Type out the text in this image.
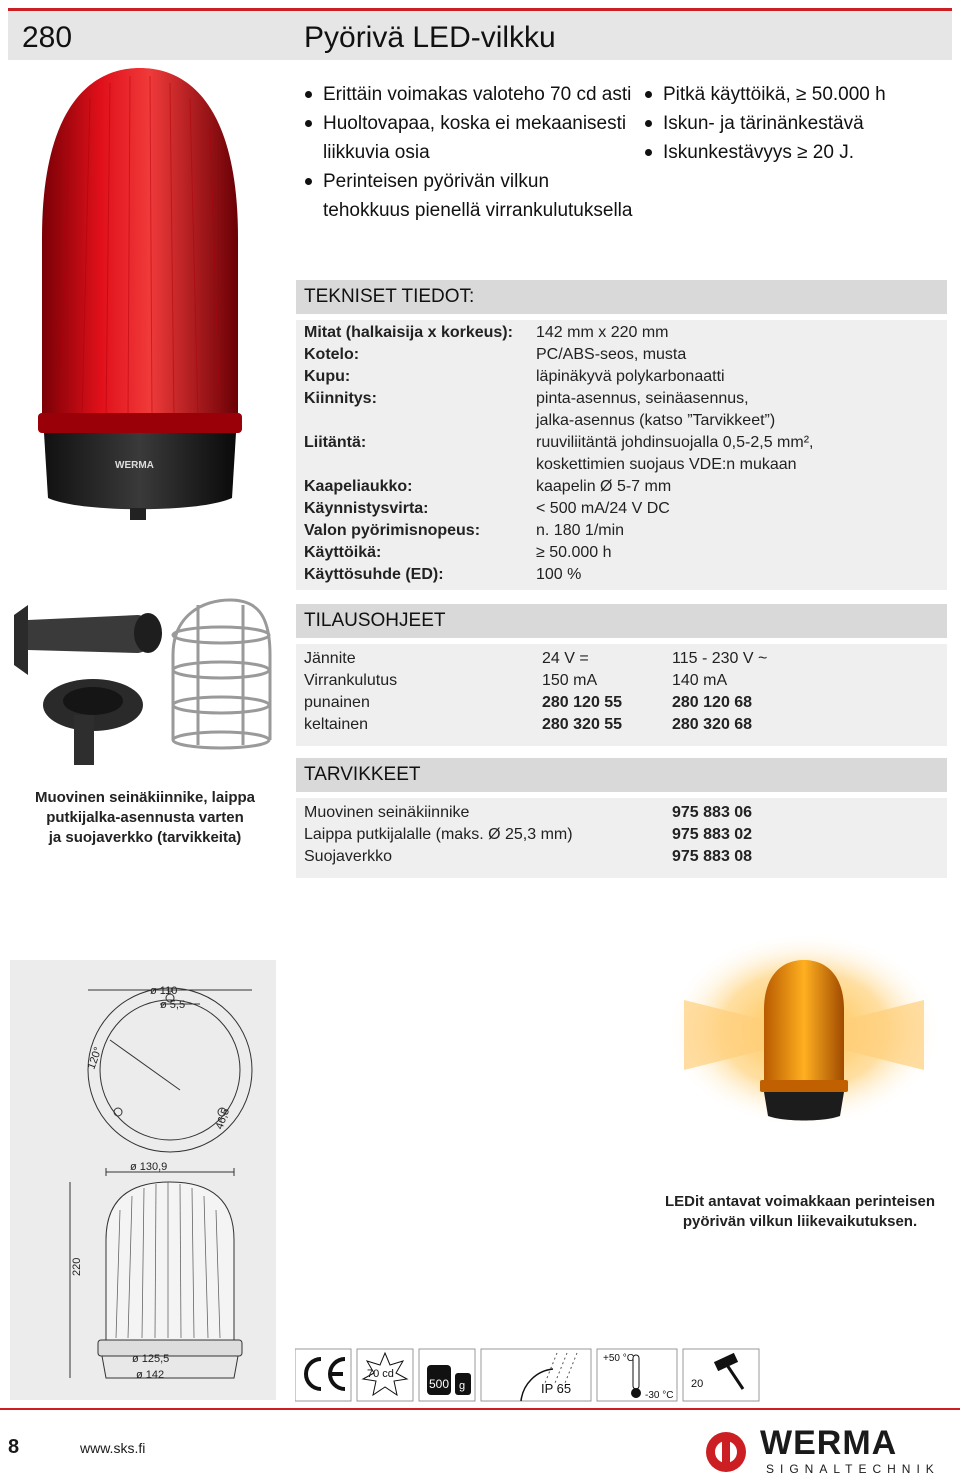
280	Pyörivä LED-vilkku
WERMA
Erittäin voimakas valoteho 70 cd asti
Huoltovapaa, koska ei mekaanisesti liikkuvia osia
Perinteisen pyörivän vilkun tehokkuus pienellä virrankulutuksella
Pitkä käyttöikä, ≥ 50.000 h
Iskun- ja tärinänkestävä
Iskunkestävyys ≥ 20 J.
TEKNISET TIEDOT:
Mitat (halkaisija x korkeus): 142 mm x 220 mm
Kotelo:	PC/ABS-seos, musta
Kupu:	läpinäkyvä polykarbonaatti
Kiinnitys:	pinta-asennus, seinäasennus,
jalka-asennus (katso ”Tarvikkeet”)
Liitäntä:	ruuviliitäntä johdinsuojalla 0,5-2,5 mm²,
koskettimien suojaus VDE:n mukaan
Kaapeliaukko:	kaapelin Ø 5-7 mm
Käynnistysvirta:	< 500 mA/24 V DC
Valon pyörimisnopeus:	n. 180 1/min
Käyttöikä:	≥ 50.000 h
Käyttösuhde (ED):	100 %
TILAUSOHJEET
Jännite	24 V =	115 - 230 V ~
Virrankulutus	150 mA	140 mA
punainen	280 120 55	280 120 68
keltainen	280 320 55	280 320 68
Muovinen seinäkiinnike, laippa
putkijalka-asennusta varten
ja suojaverkko (tarvikkeita)
TARVIKKEET
Muovinen seinäkiinnike	975 883 06
Laippa putkijalalle (maks. Ø 25,3 mm)	975 883 02
Suojaverkko	975 883 08
ø 110
ø 5,5
120°
46,5
ø 130,9
220
ø 125,5
ø 142
LEDit antavat voimakkaan perinteisen
pyörivän vilkun liikevaikutuksen.
70 cd
500 g	IP 65
+50 °C
-30 °C
20
8	www.sks.fi	WERMA
SIGNALTECHNIK
